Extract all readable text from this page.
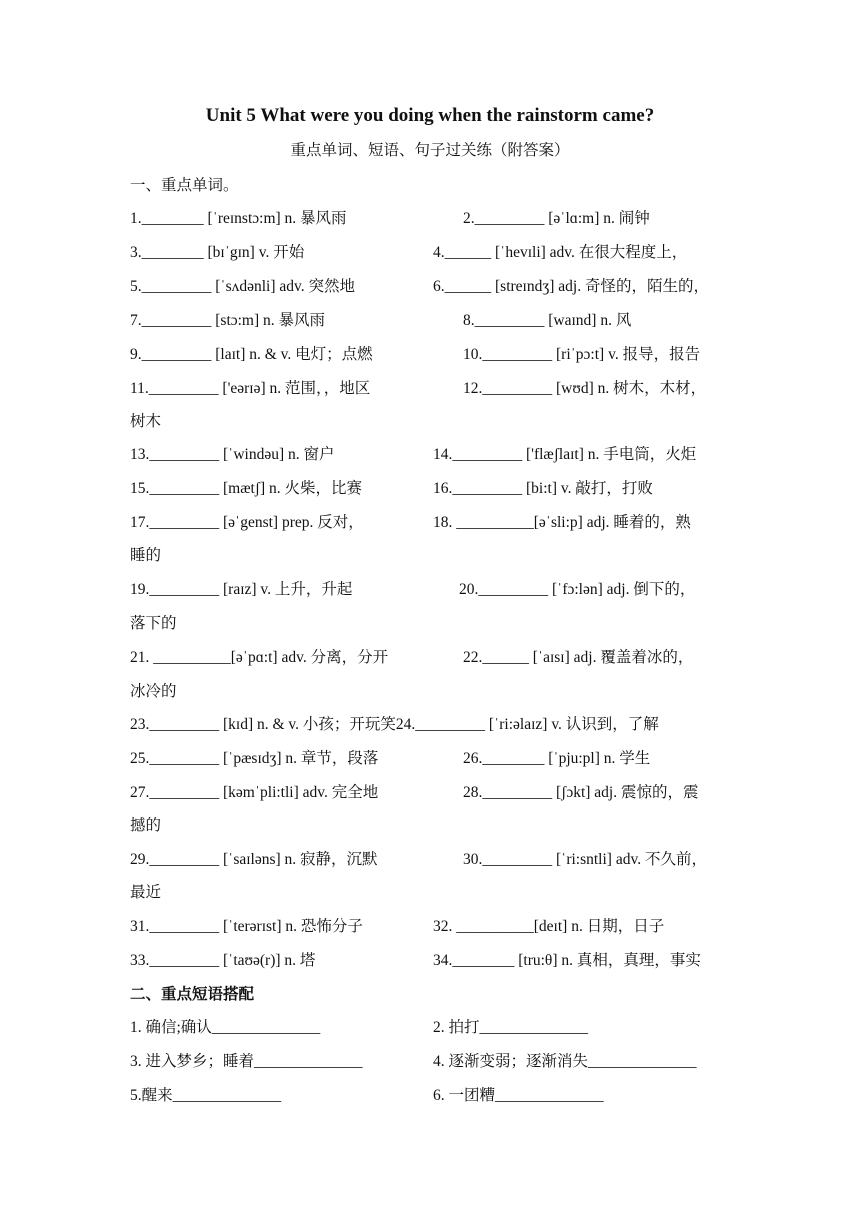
Unit 5 What were you doing when the rainstorm came?
重点单词、短语、句子过关练（附答案）
一、重点单词。
1.________ [ˈreɪnstɔ:m] n. 暴风雨	2._________ [əˈlɑ:m] n. 闹钟
3.________ [bɪˈgɪn] v. 开始	4.______ [ˈhevɪli] adv. 在很大程度上，
5._________ [ˈsʌdənli] adv. 突然地	6.______ [streɪndʒ] adj. 奇怪的，陌生的，
7._________ [stɔ:m] n. 暴风雨	8._________ [waɪnd] n. 风
9._________ [laɪt] n. & v. 电灯；点燃	10._________ [riˈpɔ:t] v. 报导，报告
11._________ ['eərɪə] n. 范围，，地区	12._________ [wʊd] n. 树木，木材，
树木
13._________ [ˈwindəu] n. 窗户	14._________ ['flæʃlaɪt] n. 手电筒，火炬
15._________ [mætʃ] n. 火柴，比赛	16._________ [bi:t] v. 敲打，打败
17._________ [əˈgenst] prep. 反对，	18. __________[əˈsli:p] adj. 睡着的，熟
睡的
19._________ [raɪz] v. 上升，升起	20._________ [ˈfɔ:lən] adj. 倒下的，
落下的
21. __________[əˈpɑ:t] adv. 分离，分开	22.______ [ˈaɪsɪ] adj. 覆盖着冰的，
冰冷的
23._________ [kɪd] n. & v. 小孩；开玩笑24._________ [ˈri:əlaɪz] v. 认识到，了解
25._________ [ˈpæsɪdʒ] n. 章节，段落	26.________ [ˈpju:pl] n. 学生
27._________ [kəmˈpli:tli] adv. 完全地	28._________ [ʃɔkt] adj. 震惊的，震
撼的
29._________ [ˈsaɪləns] n. 寂静，沉默	30._________ [ˈri:sntli] adv. 不久前，
最近
31._________ [ˈterərɪst] n. 恐怖分子	32. __________[deɪt] n. 日期，日子
33._________ [ˈtaʊə(r)] n. 塔	34.________ [tru:θ] n. 真相，真理，事实
二、重点短语搭配
1. 确信;确认______________	2. 拍打______________
3. 进入梦乡；睡着______________	4. 逐渐变弱；逐渐消失______________
5.醒来______________	6. 一团糟______________
